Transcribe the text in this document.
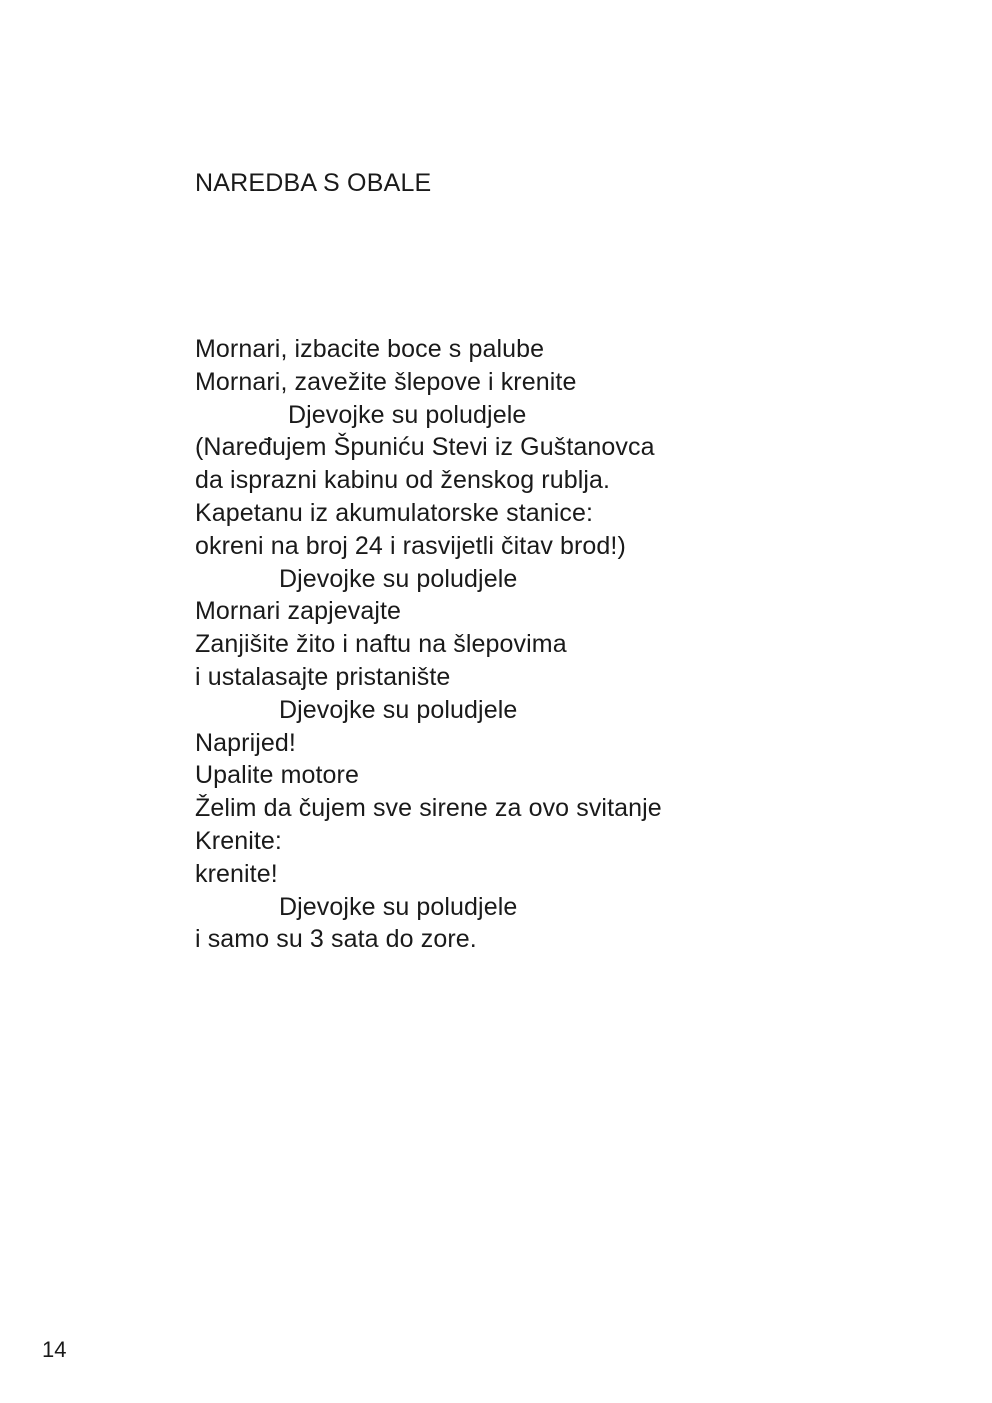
NAREDBA S OBALE
Mornari, izbacite boce s palube
Mornari, zavežite šlepove i krenite
Djevojke su poludjele
(Naređujem Špuniću Stevi iz Guštanovca
da isprazni kabinu od ženskog rublja.
Kapetanu iz akumulatorske stanice:
okreni na broj 24 i rasvijetli čitav brod!)
Djevojke su poludjele
Mornari zapjevajte
Zanjišite žito i naftu na šlepovima
i ustalasajte pristanište
Djevojke su poludjele
Naprijed!
Upalite motore
Želim da čujem sve sirene za ovo svitanje
Krenite:
krenite!
Djevojke su poludjele
i samo su 3 sata do zore.
14
